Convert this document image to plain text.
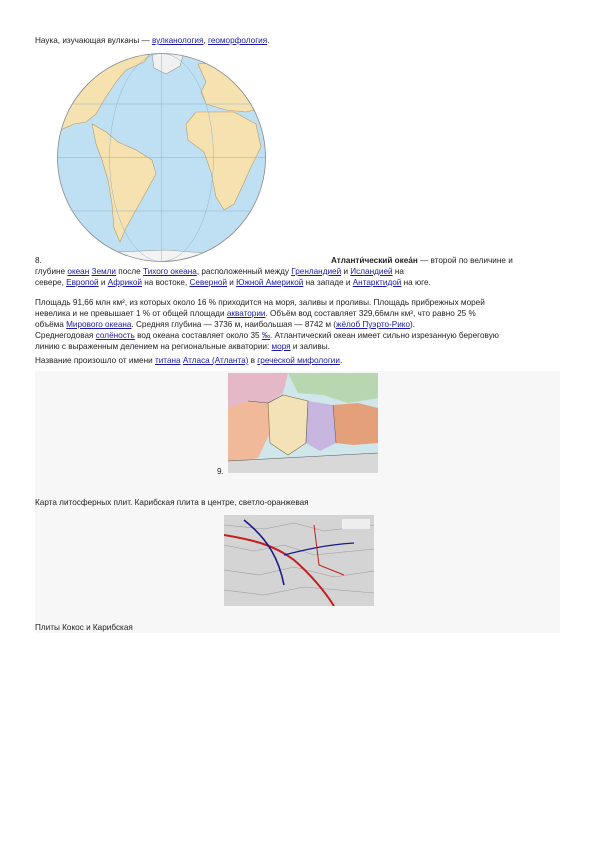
Наука, изучающая вулканы — вулканология, геоморфология.
8.	Атланти́ческий океа́н — второй по величине и
глубине океан Земли после Тихого океана, расположенный между Гренландией и Исландией на
севере, Европой и Африкой на востоке, Северной и Южной Америкой на западе и Антарктидой на юге.
Площадь 91,66 млн км², из которых около 16 % приходится на моря, заливы и проливы. Площадь прибрежных морей
невелика и не превышает 1 % от общей площади акватории. Объём вод составляет 329,66млн км³, что равно 25 %
объёма Мирового океана. Средняя глубина — 3736 м, наибольшая — 8742 м (жёлоб Пуэрто-Рико).
Среднегодовая солёность вод океана составляет около 35 ‰. Атлантический океан имеет сильно изрезанную береговую
линию с выраженным делением на региональные акватории: моря и заливы.
Название произошло от имени титана Атласа (Атланта) в греческой мифологии.
9.
Карта литосферных плит. Карибская плита в центре, светло-оранжевая
Плиты Кокос и Карибская
